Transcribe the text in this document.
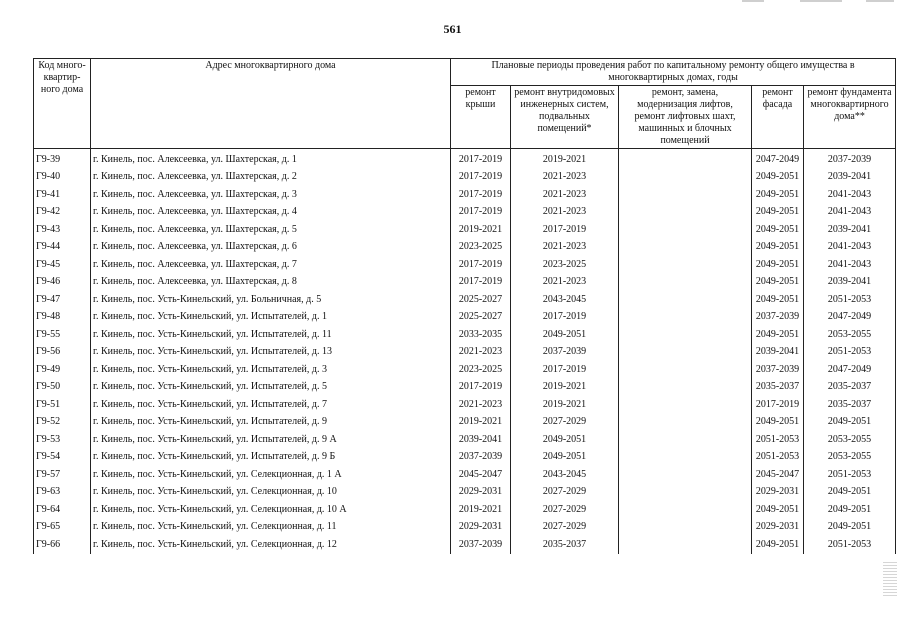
561
Код много-квартир-ного дома	Адрес многоквартирного дома	Плановые периоды проведения работ по капитальному ремонту общего имущества в многоквартирных домах, годы				
		ремонт крыши	ремонт внутридомовых инженерных систем, подвальных помещений*	ремонт, замена, модернизация лифтов, ремонт лифтовых шахт, машинных и блочных помещений	ремонт фасада	ремонт фундамента многоквартирного дома**
Г9-39	г. Кинель, пос. Алексеевка, ул. Шахтерская, д. 1	2017-2019	2019-2021		2047-2049	2037-2039
Г9-40	г. Кинель, пос. Алексеевка, ул. Шахтерская, д. 2	2017-2019	2021-2023		2049-2051	2039-2041
Г9-41	г. Кинель, пос. Алексеевка, ул. Шахтерская, д. 3	2017-2019	2021-2023		2049-2051	2041-2043
Г9-42	г. Кинель, пос. Алексеевка, ул. Шахтерская, д. 4	2017-2019	2021-2023		2049-2051	2041-2043
Г9-43	г. Кинель, пос. Алексеевка, ул. Шахтерская, д. 5	2019-2021	2017-2019		2049-2051	2039-2041
Г9-44	г. Кинель, пос. Алексеевка, ул. Шахтерская, д. 6	2023-2025	2021-2023		2049-2051	2041-2043
Г9-45	г. Кинель, пос. Алексеевка, ул. Шахтерская, д. 7	2017-2019	2023-2025		2049-2051	2041-2043
Г9-46	г. Кинель, пос. Алексеевка, ул. Шахтерская, д. 8	2017-2019	2021-2023		2049-2051	2039-2041
Г9-47	г. Кинель, пос. Усть-Кинельский, ул. Больничная, д. 5	2025-2027	2043-2045		2049-2051	2051-2053
Г9-48	г. Кинель, пос. Усть-Кинельский, ул. Испытателей, д. 1	2025-2027	2017-2019		2037-2039	2047-2049
Г9-55	г. Кинель, пос. Усть-Кинельский, ул. Испытателей, д. 11	2033-2035	2049-2051		2049-2051	2053-2055
Г9-56	г. Кинель, пос. Усть-Кинельский, ул. Испытателей, д. 13	2021-2023	2037-2039		2039-2041	2051-2053
Г9-49	г. Кинель, пос. Усть-Кинельский, ул. Испытателей, д. 3	2023-2025	2017-2019		2037-2039	2047-2049
Г9-50	г. Кинель, пос. Усть-Кинельский, ул. Испытателей, д. 5	2017-2019	2019-2021		2035-2037	2035-2037
Г9-51	г. Кинель, пос. Усть-Кинельский, ул. Испытателей, д. 7	2021-2023	2019-2021		2017-2019	2035-2037
Г9-52	г. Кинель, пос. Усть-Кинельский, ул. Испытателей, д. 9	2019-2021	2027-2029		2049-2051	2049-2051
Г9-53	г. Кинель, пос. Усть-Кинельский, ул. Испытателей, д. 9 А	2039-2041	2049-2051		2051-2053	2053-2055
Г9-54	г. Кинель, пос. Усть-Кинельский, ул. Испытателей, д. 9 Б	2037-2039	2049-2051		2051-2053	2053-2055
Г9-57	г. Кинель, пос. Усть-Кинельский, ул. Селекционная, д. 1 А	2045-2047	2043-2045		2045-2047	2051-2053
Г9-63	г. Кинель, пос. Усть-Кинельский, ул. Селекционная, д. 10	2029-2031	2027-2029		2029-2031	2049-2051
Г9-64	г. Кинель, пос. Усть-Кинельский, ул. Селекционная, д. 10 А	2019-2021	2027-2029		2049-2051	2049-2051
Г9-65	г. Кинель, пос. Усть-Кинельский, ул. Селекционная, д. 11	2029-2031	2027-2029		2029-2031	2049-2051
Г9-66	г. Кинель, пос. Усть-Кинельский, ул. Селекционная, д. 12	2037-2039	2035-2037		2049-2051	2051-2053
